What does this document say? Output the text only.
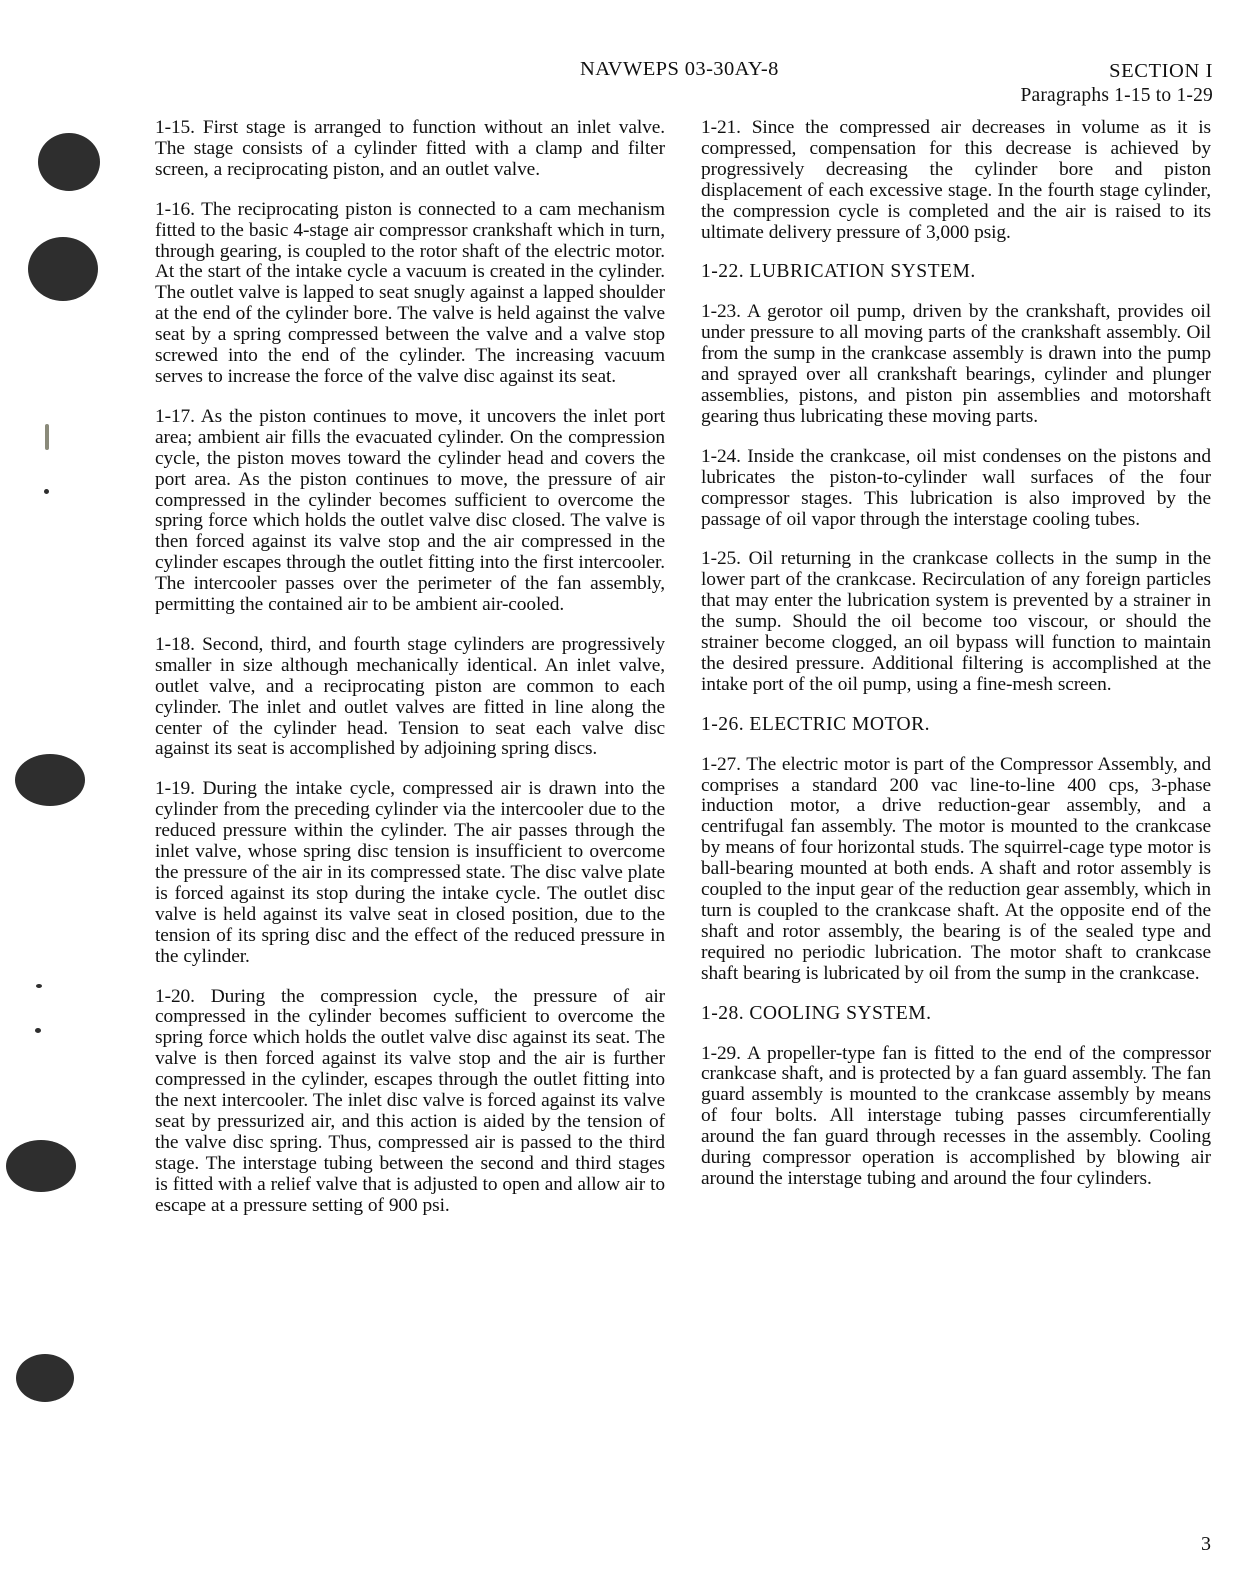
NAVWEPS 03-30AY-8	SECTION I
Paragraphs 1-15 to 1-29

1-15. First stage is arranged to function without an inlet valve. The stage consists of a cylinder fitted with a clamp and filter screen, a reciprocating piston, and an outlet valve.

1-16. The reciprocating piston is connected to a cam mechanism fitted to the basic 4-stage air compressor crankshaft which in turn, through gearing, is coupled to the rotor shaft of the electric motor. At the start of the intake cycle a vacuum is created in the cylinder. The outlet valve is lapped to seat snugly against a lapped shoulder at the end of the cylinder bore. The valve is held against the valve seat by a spring compressed between the valve and a valve stop screwed into the end of the cylinder. The increasing vacuum serves to increase the force of the valve disc against its seat.

1-17. As the piston continues to move, it uncovers the inlet port area; ambient air fills the evacuated cylinder. On the compression cycle, the piston moves toward the cylinder head and covers the port area. As the piston continues to move, the pressure of air compressed in the cylinder becomes sufficient to overcome the spring force which holds the outlet valve disc closed. The valve is then forced against its valve stop and the air compressed in the cylinder escapes through the outlet fitting into the first intercooler. The intercooler passes over the perimeter of the fan assembly, permitting the contained air to be ambient air-cooled.

1-18. Second, third, and fourth stage cylinders are progressively smaller in size although mechanically identical. An inlet valve, outlet valve, and a reciprocating piston are common to each cylinder. The inlet and outlet valves are fitted in line along the center of the cylinder head. Tension to seat each valve disc against its seat is accomplished by adjoining spring discs.

1-19. During the intake cycle, compressed air is drawn into the cylinder from the preceding cylinder via the intercooler due to the reduced pressure within the cylinder. The air passes through the inlet valve, whose spring disc tension is insufficient to overcome the pressure of the air in its compressed state. The disc valve plate is forced against its stop during the intake cycle. The outlet disc valve is held against its valve seat in closed position, due to the tension of its spring disc and the effect of the reduced pressure in the cylinder.

1-20. During the compression cycle, the pressure of air compressed in the cylinder becomes sufficient to overcome the spring force which holds the outlet valve disc against its seat. The valve is then forced against its valve stop and the air is further compressed in the cylinder, escapes through the outlet fitting into the next intercooler. The inlet disc valve is forced against its valve seat by pressurized air, and this action is aided by the tension of the valve disc spring. Thus, compressed air is passed to the third stage. The interstage tubing between the second and third stages is fitted with a relief valve that is adjusted to open and allow air to escape at a pressure setting of 900 psi.

1-21. Since the compressed air decreases in volume as it is compressed, compensation for this decrease is achieved by progressively decreasing the cylinder bore and piston displacement of each excessive stage. In the fourth stage cylinder, the compression cycle is completed and the air is raised to its ultimate delivery pressure of 3,000 psig.

1-22. LUBRICATION SYSTEM.

1-23. A gerotor oil pump, driven by the crankshaft, provides oil under pressure to all moving parts of the crankshaft assembly. Oil from the sump in the crankcase assembly is drawn into the pump and sprayed over all crankshaft bearings, cylinder and plunger assemblies, pistons, and piston pin assemblies and motorshaft gearing thus lubricating these moving parts.

1-24. Inside the crankcase, oil mist condenses on the pistons and lubricates the piston-to-cylinder wall surfaces of the four compressor stages. This lubrication is also improved by the passage of oil vapor through the interstage cooling tubes.

1-25. Oil returning in the crankcase collects in the sump in the lower part of the crankcase. Recirculation of any foreign particles that may enter the lubrication system is prevented by a strainer in the sump. Should the oil become too viscour, or should the strainer become clogged, an oil bypass will function to maintain the desired pressure. Additional filtering is accomplished at the intake port of the oil pump, using a fine-mesh screen.

1-26. ELECTRIC MOTOR.

1-27. The electric motor is part of the Compressor Assembly, and comprises a standard 200 vac line-to-line 400 cps, 3-phase induction motor, a drive reduction-gear assembly, and a centrifugal fan assembly. The motor is mounted to the crankcase by means of four horizontal studs. The squirrel-cage type motor is ball-bearing mounted at both ends. A shaft and rotor assembly is coupled to the input gear of the reduction gear assembly, which in turn is coupled to the crankcase shaft. At the opposite end of the shaft and rotor assembly, the bearing is of the sealed type and required no periodic lubrication. The motor shaft to crankcase shaft bearing is lubricated by oil from the sump in the crankcase.

1-28. COOLING SYSTEM.

1-29. A propeller-type fan is fitted to the end of the compressor crankcase shaft, and is protected by a fan guard assembly. The fan guard assembly is mounted to the crankcase assembly by means of four bolts. All interstage tubing passes circumferentially around the fan guard through recesses in the assembly. Cooling during compressor operation is accomplished by blowing air around the interstage tubing and around the four cylinders.

3
